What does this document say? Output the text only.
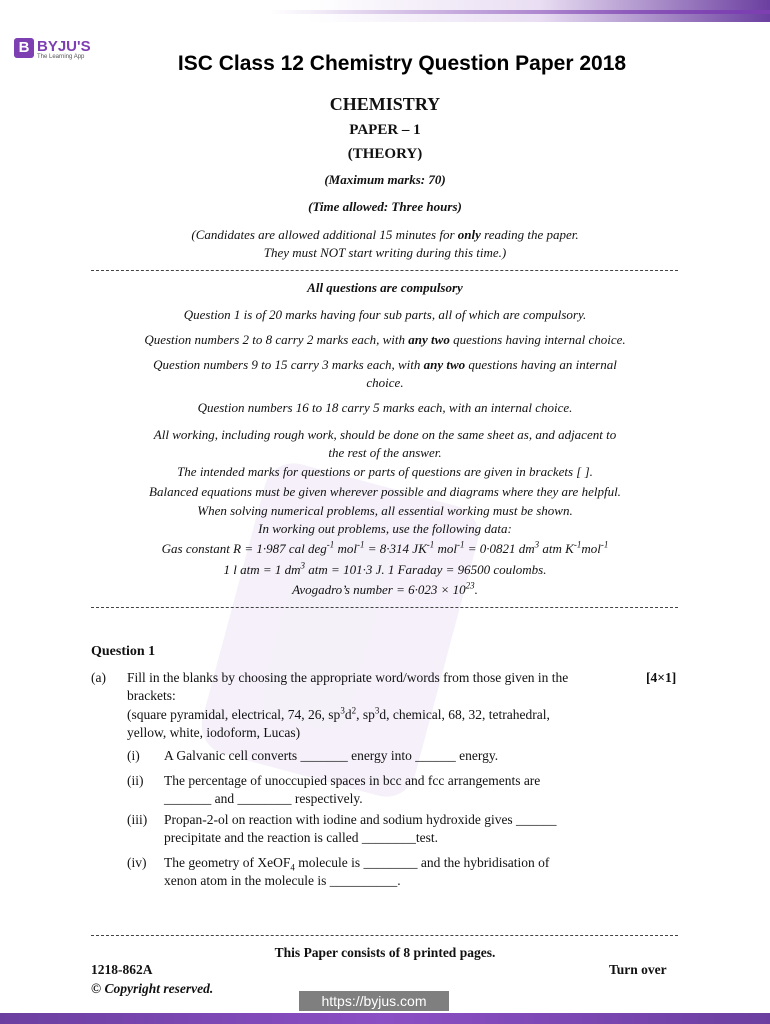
B BYJU'S
The Learning App	ISC Class 12 Chemistry Question Paper 2018

CHEMISTRY

PAPER – 1

(THEORY)

(Maximum marks: 70)

(Time allowed: Three hours)

(Candidates are allowed additional 15 minutes for only reading the paper.

They must NOT start writing during this time.)

All questions are compulsory

Question 1 is of 20 marks having four sub parts, all of which are compulsory.

Question numbers 2 to 8 carry 2 marks each, with any two questions having internal choice.

Question numbers 9 to 15 carry 3 marks each, with any two questions having an internal

choice.

Question numbers 16 to 18 carry 5 marks each, with an internal choice.

All working, including rough work, should be done on the same sheet as, and adjacent to

the rest of the answer.

The intended marks for questions or parts of questions are given in brackets [ ].

Balanced equations must be given wherever possible and diagrams where they are helpful.

When solving numerical problems, all essential working must be shown.

In working out problems, use the following data:

Gas constant R = 1·987 cal deg$^{-1}$ mol$^{-1}$ = 8·314 $JK^{-1}$ mol$^{-1}$ = 0·0821 $dm^3$ atm $K^{-1}mol^{-1}$

1 l atm = 1 $dm^3$ atm = 101·3 J. 1 Faraday = 96500 coulombs.

Avogadro’s number = $6\cdot 023 \times 10^{23}$.

Question 1

(a) Fill in the blanks by choosing the appropriate word/words from those given in the	[4×1]

brackets:

(square pyramidal, electrical, 74, 26, $sp^3d^2$, $sp^3d$, chemical, 68, 32, tetrahedral,

yellow, white, iodoform, Lucas)

(i) A Galvanic cell converts _______ energy into ______ energy.

(ii) The percentage of unoccupied spaces in bcc and fcc arrangements are

_______ and ________ respectively.

(iii) Propan-2-ol on reaction with iodine and sodium hydroxide gives ______

precipitate and the reaction is called ________test.

(iv) The geometry of XeOF$_4$ molecule is ________ and the hybridisation of

xenon atom in the molecule is __________.

This Paper consists of 8 printed pages.

1218-862A	Turn over

© Copyright reserved.

https://byjus.com
